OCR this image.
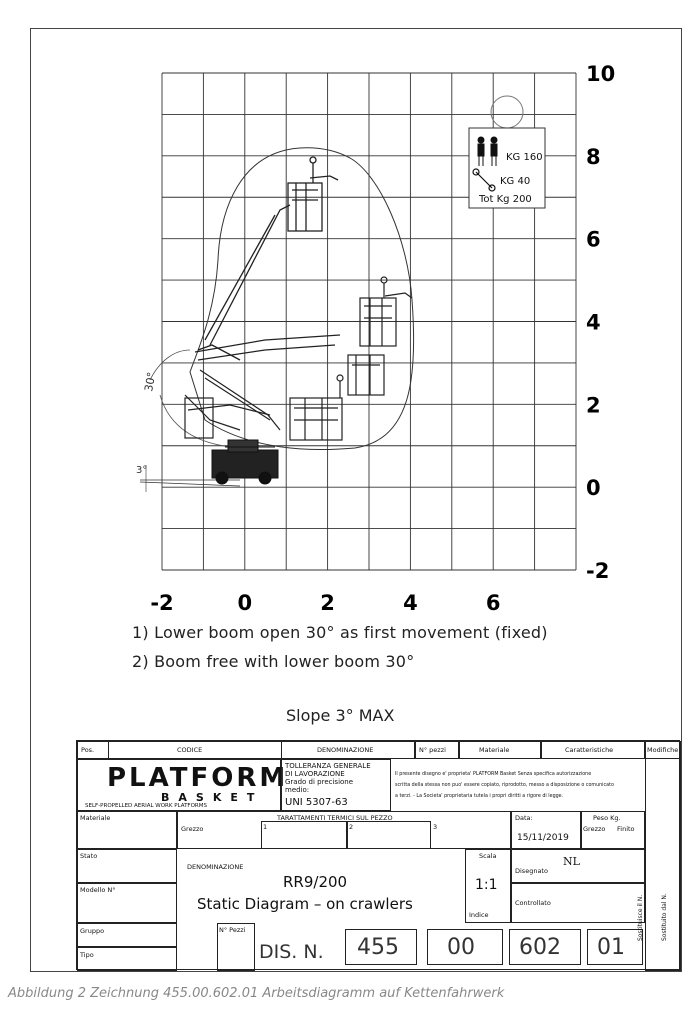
-2	0	2	4	6
10
8
6
4
2
0
-2
30°
3°
KG 160
KG 40
Tot Kg 200
1) Lower boom open 30° as first movement (fixed)
2) Boom free with lower boom 30°
Slope 3° MAX
Pos.	CODICE	DENOMINAZIONE	N° pezzi	Materiale	Caratteristiche	Modifiche
PLATFORM
BASKET
SELF-PROPELLED AERIAL WORK PLATFORMS
TOLLERANZA GENERALE
DI LAVORAZIONE
Grado di precisione
medio:
UNI 5307-63
Il presente disegno e' proprieta' PLATFORM Basket Senza specifica autorizzazione
scritta della stessa non puo' essere copiato, riprodotto, messo a disposizione o comunicato
a terzi. - La Societa' proprietaria tutela i propri diritti a rigore di legge.
Materiale	TARATTAMENTI TERMICI SUL PEZZO
Grezzo	1	2	3
Data:
15/11/2019
Peso Kg.
Grezzo Finito
Stato
Modello N°
DENOMINAZIONE
RR9/200
Static Diagram – on crawlers
Scala
1:1
Indice
Disegnato
NL
Controllato
Gruppo
Tipo
N° Pezzi
DIS. N. 455 00 602 01
Sostituisce il N.	Sostituito dal N.
Abbildung 2 Zeichnung 455.00.602.01 Arbeitsdiagramm auf Kettenfahrwerk
